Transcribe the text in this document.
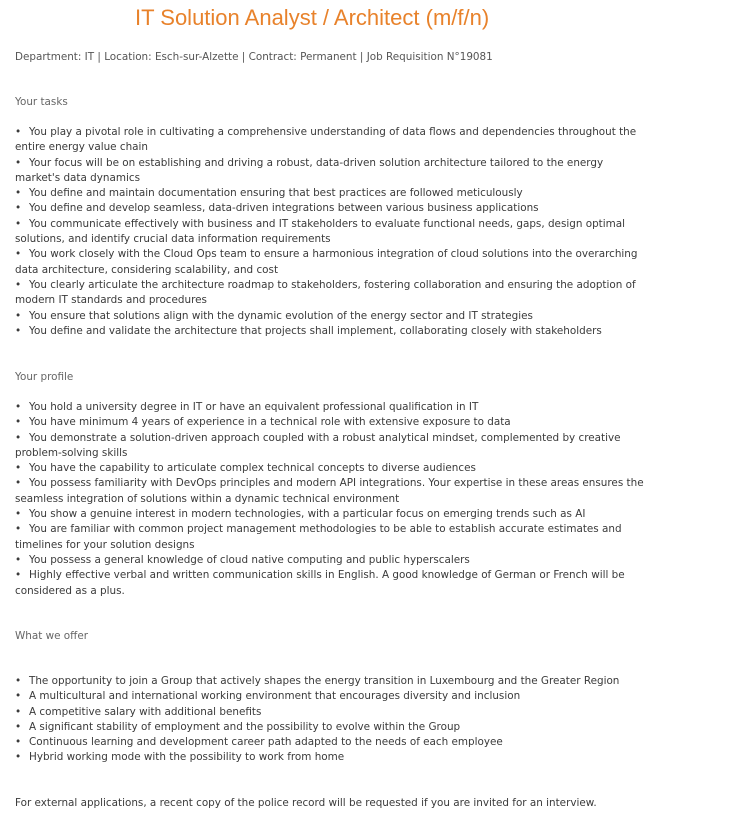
IT Solution Analyst / Architect (m/f/n)
Department: IT | Location: Esch-sur-Alzette | Contract: Permanent | Job Requisition N°19081
Your tasks
• You play a pivotal role in cultivating a comprehensive understanding of data flows and dependencies throughout the entire energy value chain
• Your focus will be on establishing and driving a robust, data-driven solution architecture tailored to the energy market's data dynamics
• You define and maintain documentation ensuring that best practices are followed meticulously
• You define and develop seamless, data-driven integrations between various business applications
• You communicate effectively with business and IT stakeholders to evaluate functional needs, gaps, design optimal solutions, and identify crucial data information requirements
• You work closely with the Cloud Ops team to ensure a harmonious integration of cloud solutions into the overarching data architecture, considering scalability, and cost
• You clearly articulate the architecture roadmap to stakeholders, fostering collaboration and ensuring the adoption of modern IT standards and procedures
• You ensure that solutions align with the dynamic evolution of the energy sector and IT strategies
• You define and validate the architecture that projects shall implement, collaborating closely with stakeholders
Your profile
• You hold a university degree in IT or have an equivalent professional qualification in IT
• You have minimum 4 years of experience in a technical role with extensive exposure to data
• You demonstrate a solution-driven approach coupled with a robust analytical mindset, complemented by creative problem-solving skills
• You have the capability to articulate complex technical concepts to diverse audiences
• You possess familiarity with DevOps principles and modern API integrations. Your expertise in these areas ensures the seamless integration of solutions within a dynamic technical environment
• You show a genuine interest in modern technologies, with a particular focus on emerging trends such as AI
• You are familiar with common project management methodologies to be able to establish accurate estimates and timelines for your solution designs
• You possess a general knowledge of cloud native computing and public hyperscalers
• Highly effective verbal and written communication skills in English. A good knowledge of German or French will be considered as a plus.
What we offer
• The opportunity to join a Group that actively shapes the energy transition in Luxembourg and the Greater Region
• A multicultural and international working environment that encourages diversity and inclusion
• A competitive salary with additional benefits
• A significant stability of employment and the possibility to evolve within the Group
• Continuous learning and development career path adapted to the needs of each employee
• Hybrid working mode with the possibility to work from home
For external applications, a recent copy of the police record will be requested if you are invited for an interview.
